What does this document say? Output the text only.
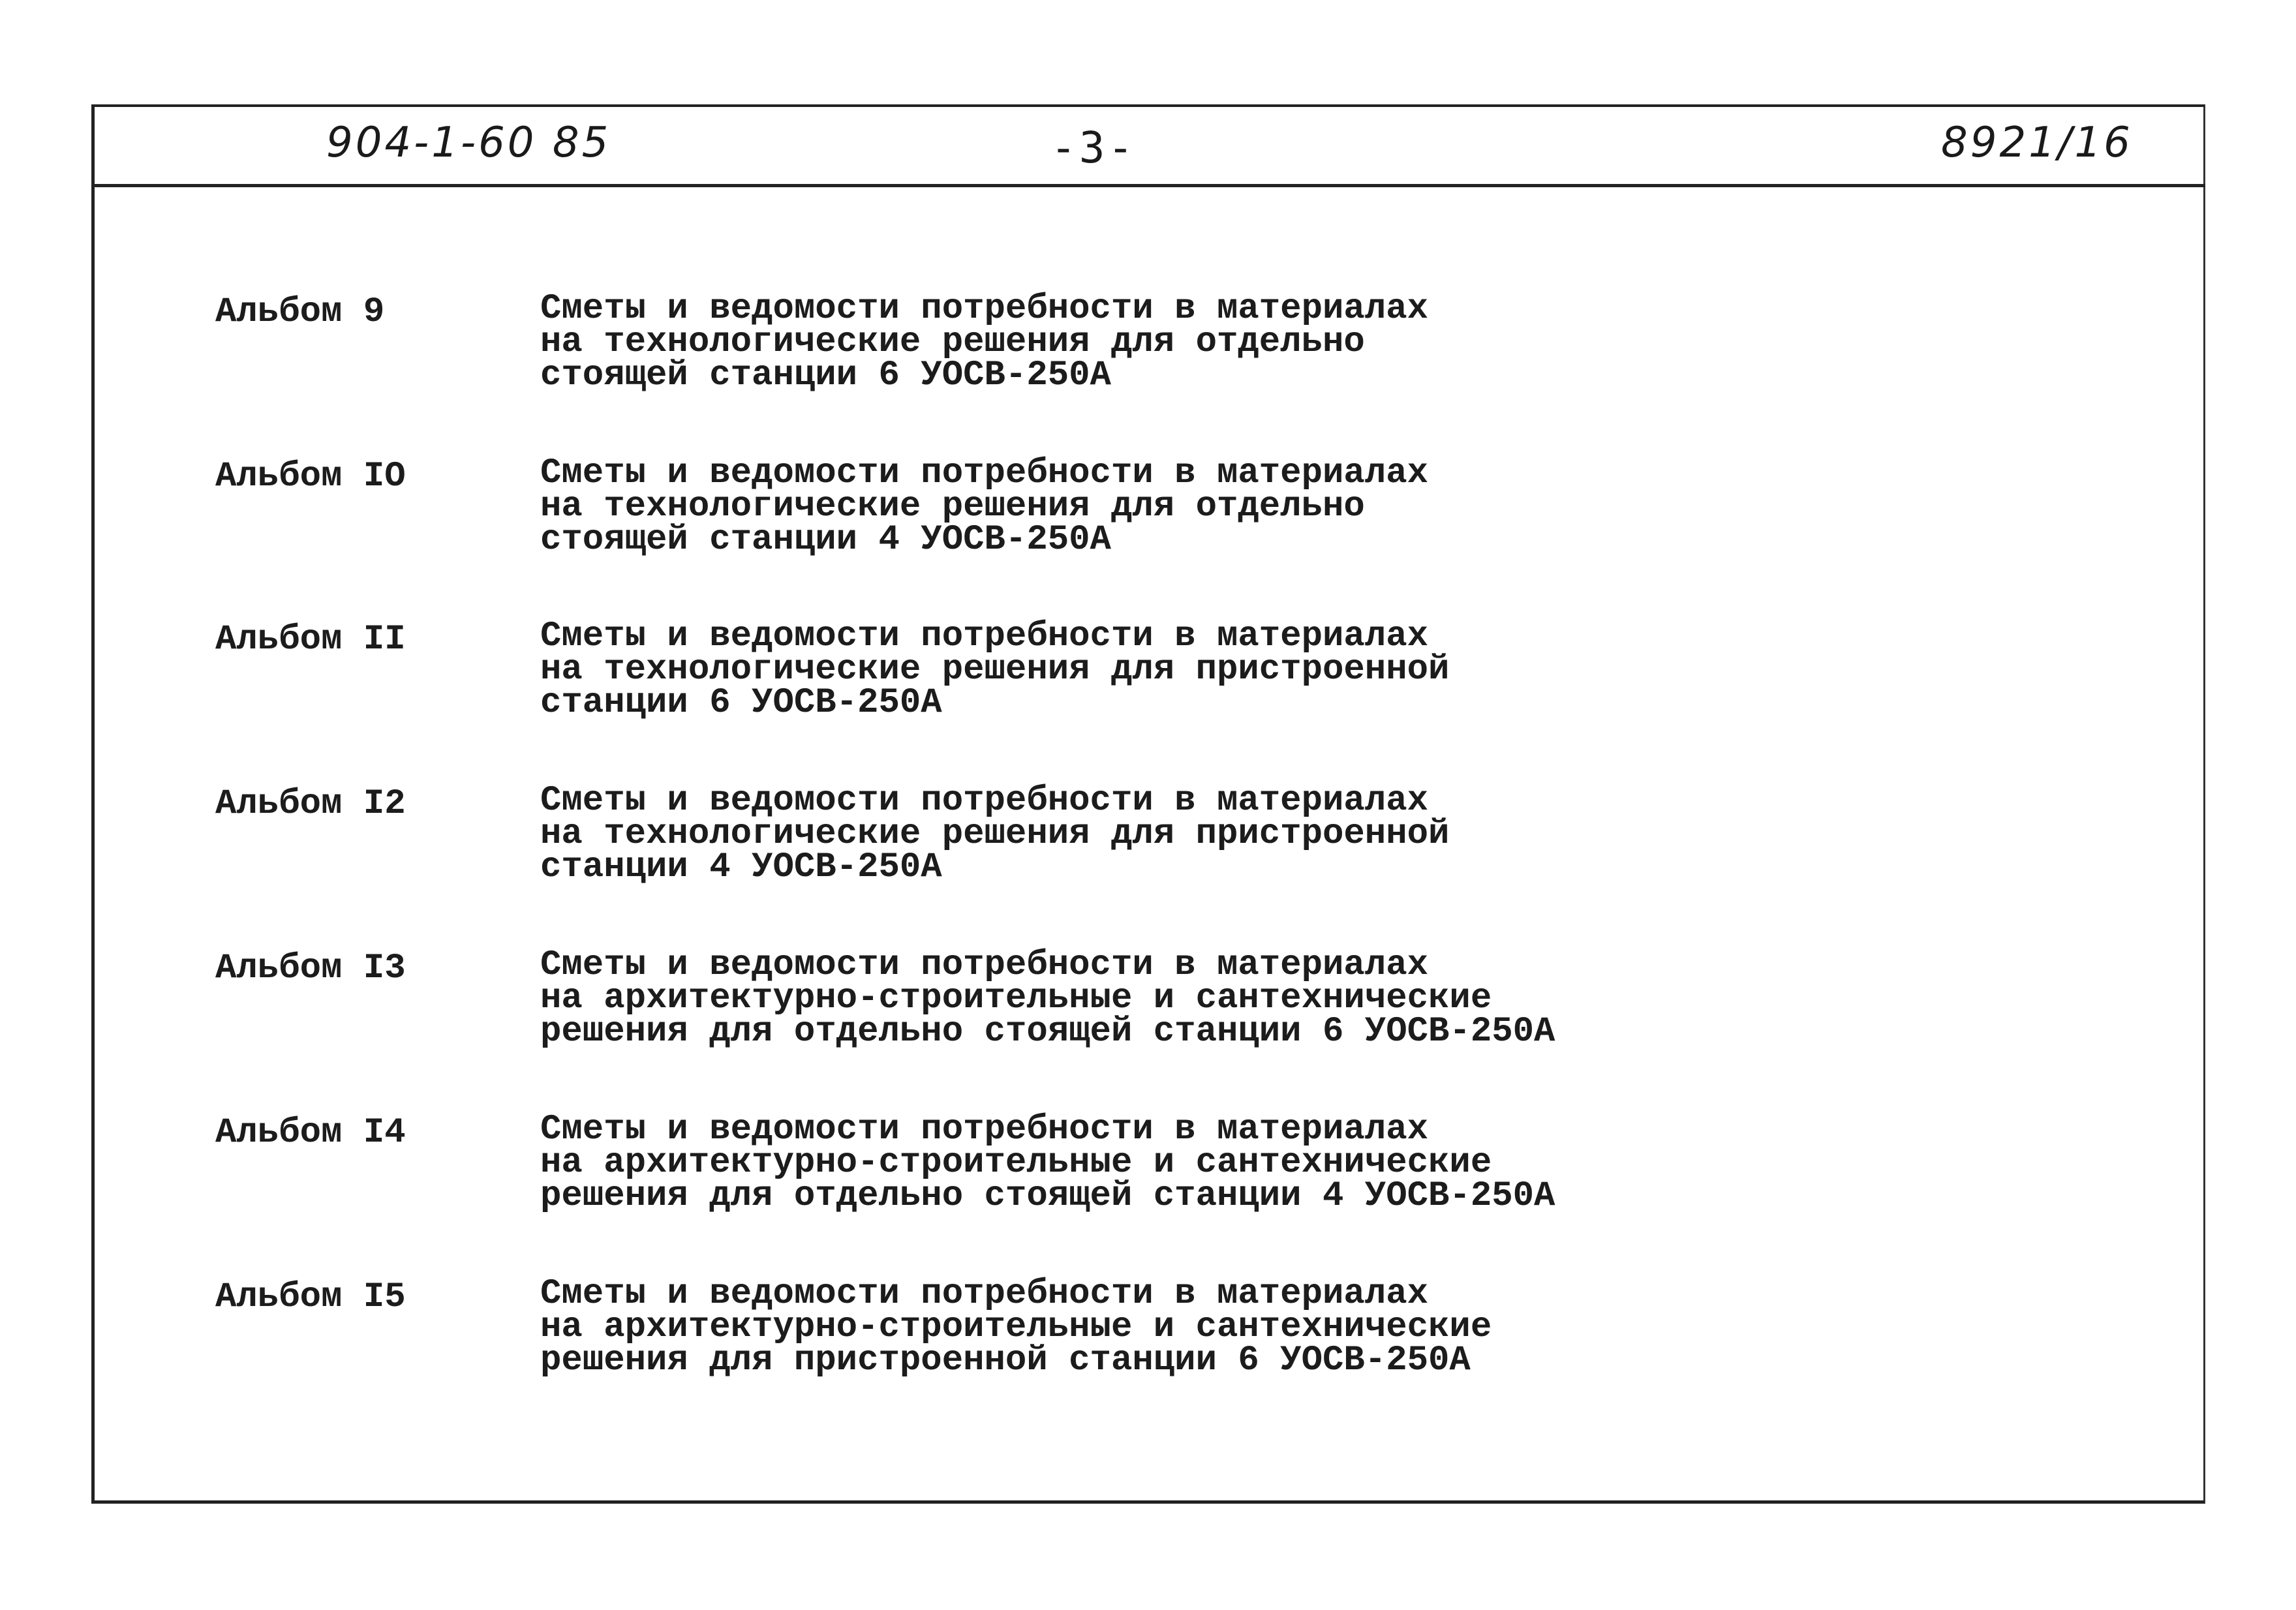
904-1-60 85	-3-	8921/16
Альбом 9	Сметы и ведомости потребности в материалах
на технологические решения для отдельно
стоящей станции 6 УОСВ-250А
Альбом IO	Сметы и ведомости потребности в материалах
на технологические решения для отдельно
стоящей станции 4 УОСВ-250А
Альбом II	Сметы и ведомости потребности в материалах
на технологические решения для пристроенной
станции 6 УОСВ-250А
Альбом I2	Сметы и ведомости потребности в материалах
на технологические решения для пристроенной
станции 4 УОСВ-250А
Альбом I3	Сметы и ведомости потребности в материалах
на архитектурно-строительные и сантехнические
решения для отдельно стоящей станции 6 УОСВ-250А
Альбом I4	Сметы и ведомости потребности в материалах
на архитектурно-строительные и сантехнические
решения для отдельно стоящей станции 4 УОСВ-250А
Альбом I5	Сметы и ведомости потребности в материалах
на архитектурно-строительные и сантехнические
решения для пристроенной станции 6 УОСВ-250А
